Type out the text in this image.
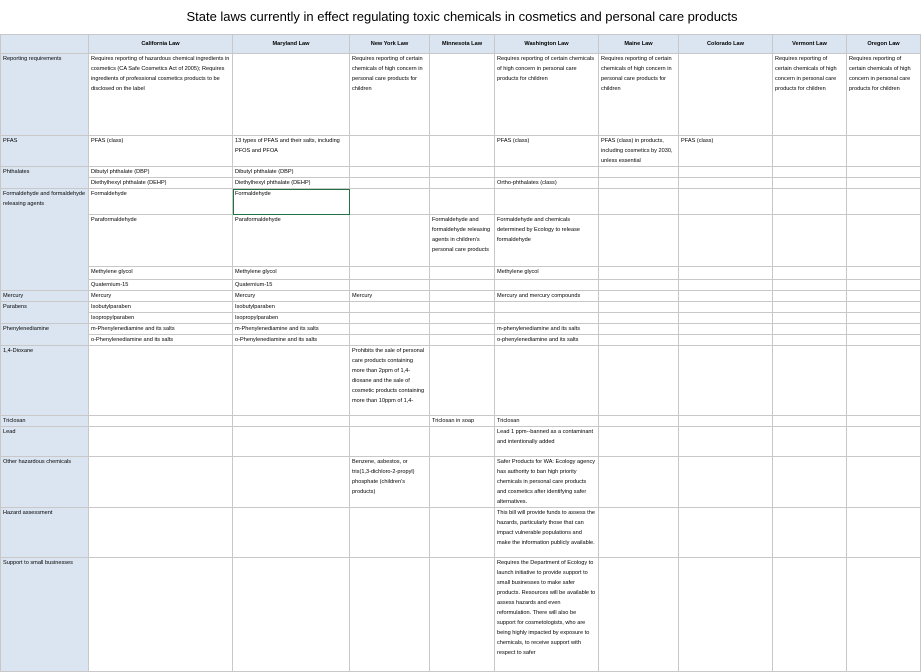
State laws currently in effect regulating toxic chemicals in cosmetics and personal care products
	California Law	Maryland Law	New York Law	Minnesota Law	Washington Law	Maine Law	Colorado Law	Vermont Law	Oregon Law
Reporting requirements	Requires reporting of hazardous chemical ingredients in cosmetics (CA Safe Cosmetics Act of 2005); Requires ingredients of professional cosmetics products to be disclosed on the label		Requires reporting of certain chemicals of high concern in personal care products for children		Requires reporting of certain chemicals of high concern in personal care products for children	Requires reporting of certain chemicals of high concern in personal care products for children		Requires reporting of certain chemicals of high concern in personal care products for children	Requires reporting of certain chemicals of high concern in personal care products for children
PFAS	PFAS (class)	13 types of PFAS and their salts, including PFOS and PFOA			PFAS (class)	PFAS (class) in products, including cosmetics by 2030, unless essential	PFAS (class)		
Phthalates	Dibutyl phthalate (DBP)	Dibutyl phthalate (DBP)							
	Diethylhexyl phthalate (DEHP)	Diethylhexyl phthalate (DEHP)			Ortho-phthalates (class)				
Formaldehyde and formaldehyde releasing agents	Formaldehyde	Formaldehyde							
	Paraformaldehyde	Paraformaldehyde		Formaldehyde and formaldehyde releasing agents in children's personal care products	Formaldehyde and chemicals determined by Ecology to release formaldehyde				
	Methylene glycol	Methylene glycol			Methylene glycol				
	Quaternium-15	Quaternium-15							
Mercury	Mercury	Mercury	Mercury		Mercury and mercury compounds				
Parabens	Isobutylparaben	Isobutylparaben							
	Isopropylparaben	Isopropylparaben							
Phenylenediamine	m-Phenylenediamine and its salts	m-Phenylenediamine and its salts			m-phenylenediamine and its salts				
	o-Phenylenediamine and its salts	o-Phenylenediamine and its salts			o-phenylenediamine and its salts				
1,4-Dioxane			Prohibits the sale of personal care products containing more than 2ppm of 1,4-dioxane and the sale of cosmetic products containing more than 10ppm of 1,4-						

Triclosan				Triclosan in soap	Triclosan				
Lead					Lead 1 ppm--banned as a contaminant and intentionally added				
Other hazardous chemicals			Benzene, asbestos, or tris(1,3-dichloro-2-propyl) phosphate (children's products)		Safer Products for WA: Ecology agency has authority to ban high priority chemicals in personal care products and cosmetics after identifying safer alternatives.				
Hazard assessment					This bill will provide funds to assess the hazards, particularly those that can impact vulnerable populations and make the information publicly available.				
Support to small businesses					Requires the Department of Ecology to launch initiative to provide support to small businesses to make safer products. Resources will be available to assess hazards and even reformulation. There will also be support for cosmetologists, who are being highly impacted by exposure to chemicals, to receive support with respect to safer				
